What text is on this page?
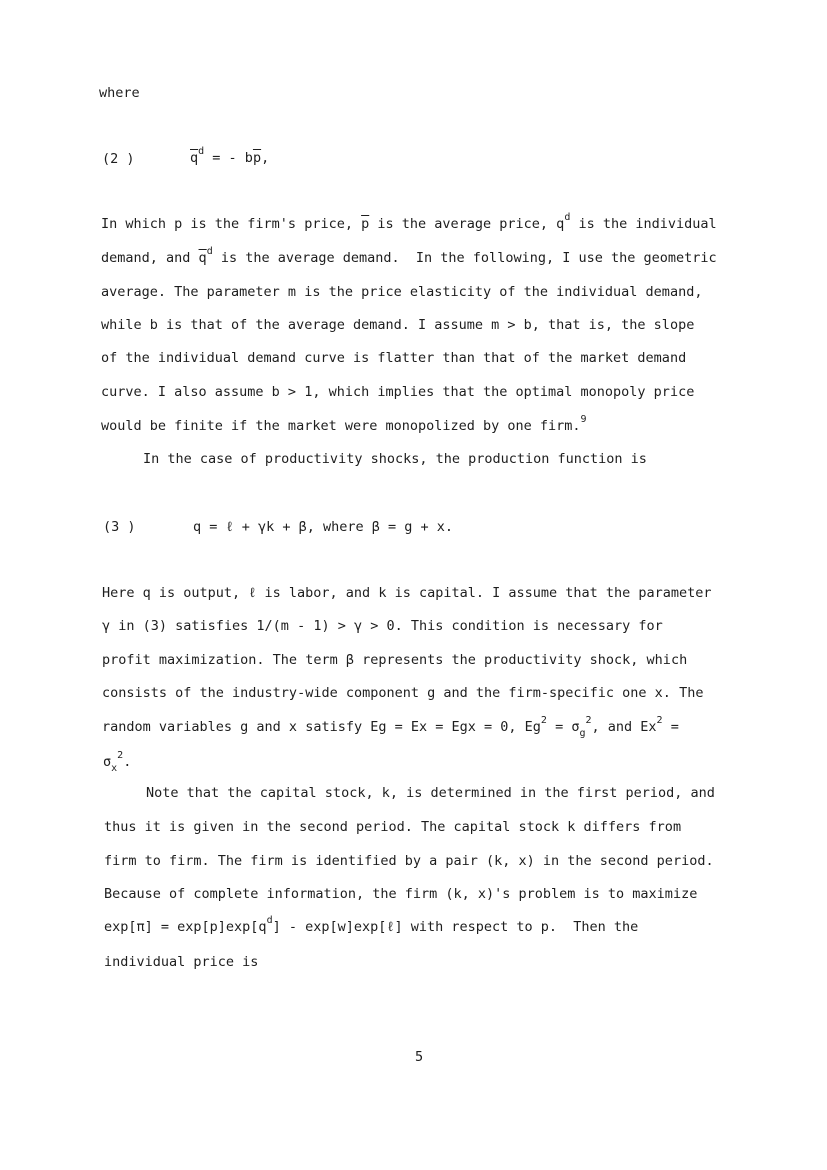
where
(2 )	$\overline{q}^d$ = - $b\overline{p}$,
In which p is the firm's price, $\overline{p}$ is the average price, $q^d$ is the individual
demand, and $\overline{q}^d$ is the average demand.  In the following, I use the geometric
average. The parameter m is the price elasticity of the individual demand,
while b is that of the average demand. I assume m > b, that is, the slope
of the individual demand curve is flatter than that of the market demand
curve. I also assume b > 1, which implies that the optimal monopoly price
would be finite if the market were monopolized by one firm.$^9$
In the case of productivity shocks, the production function is
(3 )	q = ℓ + γk + β, where β = g + x.
Here q is output, ℓ is labor, and k is capital. I assume that the parameter
γ in (3) satisfies 1/(m - 1) > γ > 0. This condition is necessary for
profit maximization. The term β represents the productivity shock, which
consists of the industry-wide component g and the firm-specific one x. The
random variables g and x satisfy Eg = Ex = Egx = 0, $Eg^2 = \sigma_g^2$, and $Ex^2$ =
$\sigma_x^2$.
Note that the capital stock, k, is determined in the first period, and
thus it is given in the second period. The capital stock k differs from
firm to firm. The firm is identified by a pair (k, x) in the second period.
Because of complete information, the firm (k, x)'s problem is to maximize
$\exp[\pi] = \exp[p]\exp[q^d]$ - exp[w]exp[ℓ] with respect to p.  Then the
individual price is
5
